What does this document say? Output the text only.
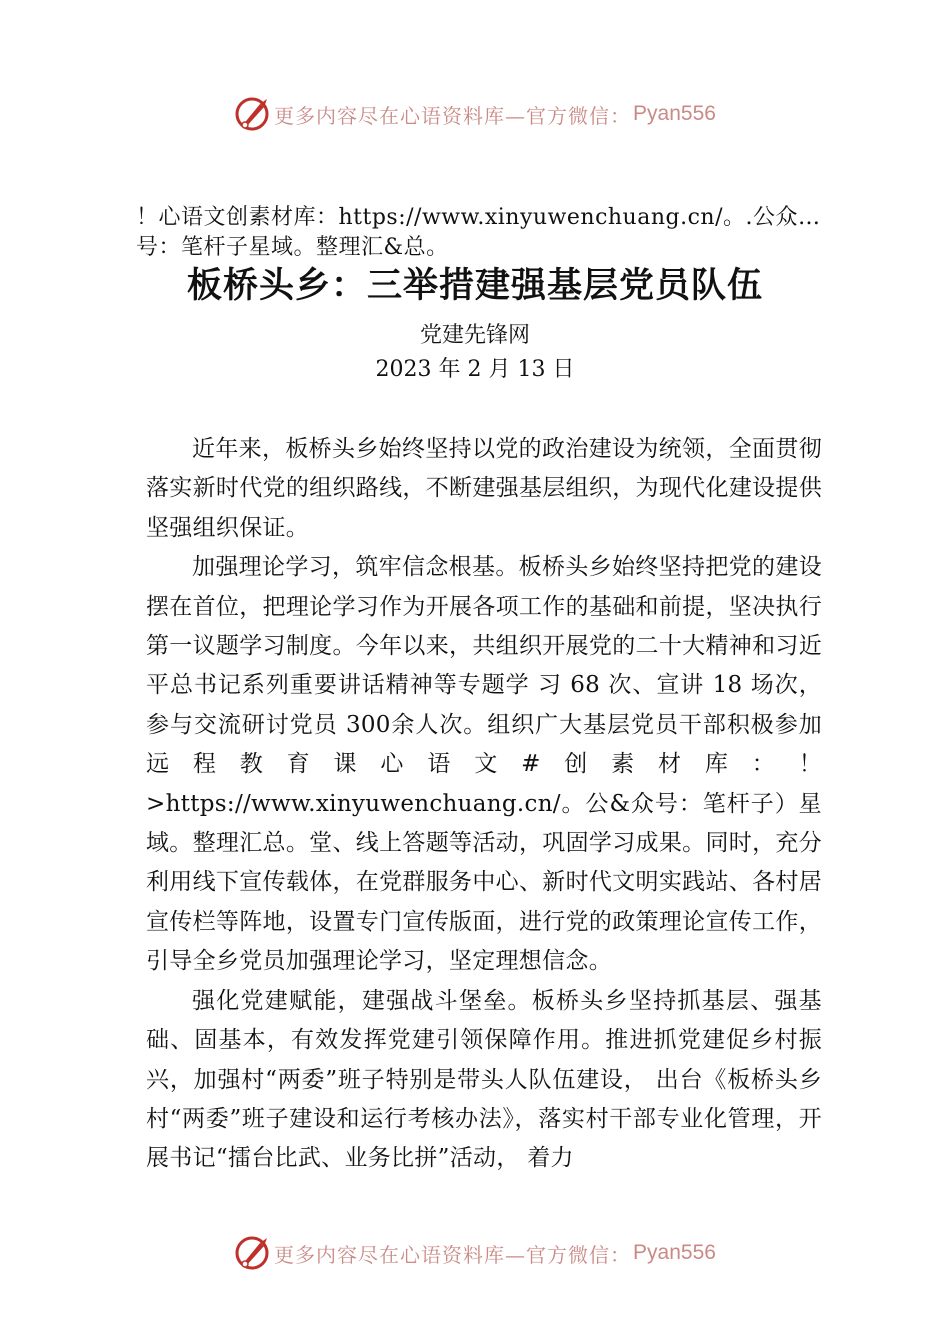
更多内容尽在心语资料库—官方微信： Pyan556

！心语文创素材库：https://www.xinyuwenchuang.cn/。.公众…号：笔杆子星域。整理汇&总。

板桥头乡：三举措建强基层党员队伍

党建先锋网

2023 年 2 月 13 日

近年来，板桥头乡始终坚持以党的政治建设为统领，全面贯彻落实新时代党的组织路线，不断建强基层组织，为现代化建设提供坚强组织保证。

加强理论学习，筑牢信念根基。板桥头乡始终坚持把党的建设摆在首位，把理论学习作为开展各项工作的基础和前提，坚决执行第一议题学习制度。今年以来，共组织开展党的二十大精神和习近平总书记系列重要讲话精神等专题学 习 68 次、宣讲 18 场次，参与交流研讨党员 300余人次。组织广大基层党员干部积极参加远程教育课心语文#创素材库：！>https://www.xinyuwenchuang.cn/。公&众号：笔杆子）星域。整理汇总。堂、线上答题等活动，巩固学习成果。同时，充分利用线下宣传载体，在党群服务中心、新时代文明实践站、各村居宣传栏等阵地，设置专门宣传版面，进行党的政策理论宣传工作，引导全乡党员加强理论学习，坚定理想信念。

强化党建赋能，建强战斗堡垒。板桥头乡坚持抓基层、强基础、固基本，有效发挥党建引领保障作用。推进抓党建促乡村振兴，加强村“两委”班子特别是带头人队伍建设， 出台《板桥头乡村“两委”班子建设和运行考核办法》，落实村干部专业化管理，开展书记“擂台比武、业务比拼”活动， 着力

更多内容尽在心语资料库—官方微信： Pyan556
